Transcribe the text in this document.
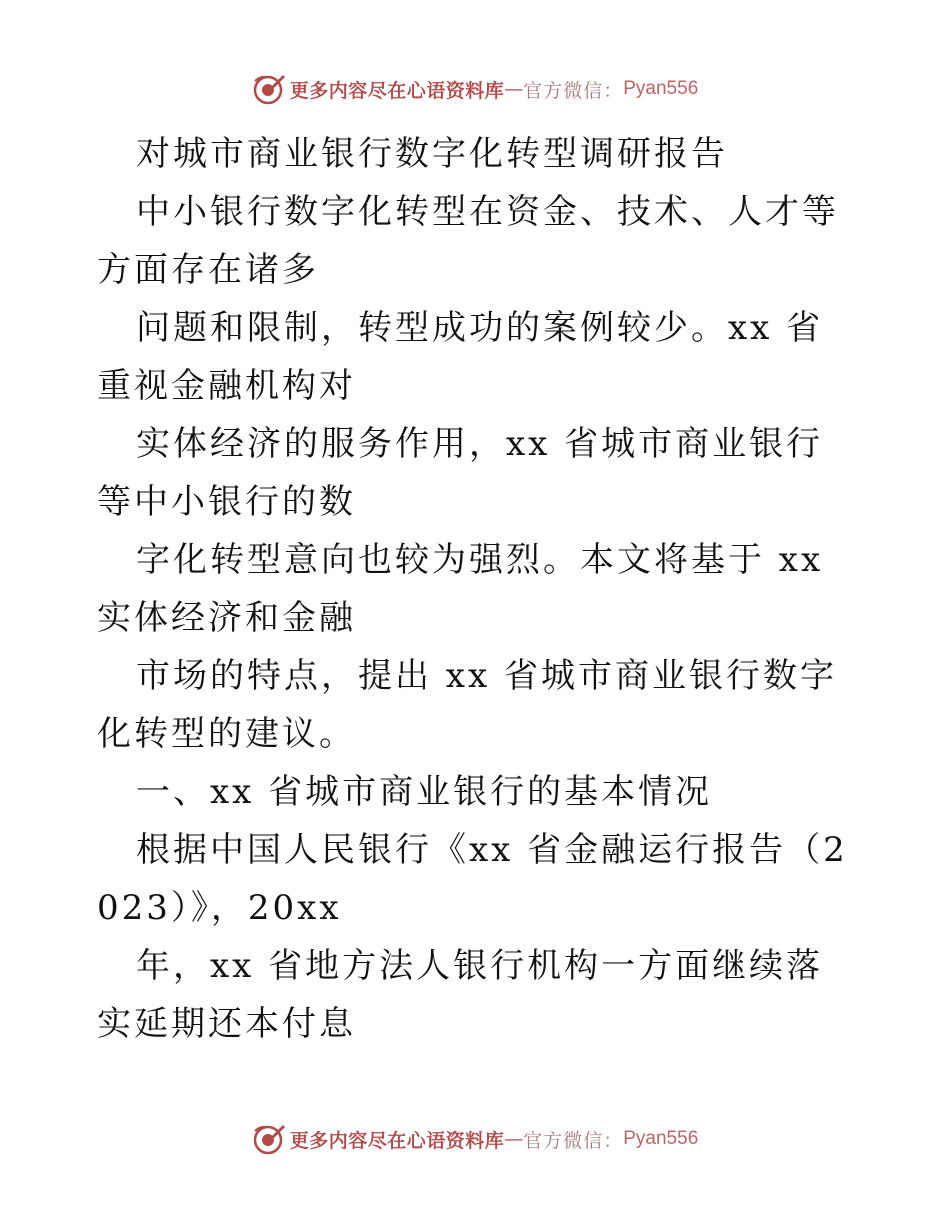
更多内容尽在心语资料库 — 官方微信： Pyan556

对城市商业银行数字化转型调研报告

中小银行数字化转型在资金、技术、人才等方面存在诸多

问题和限制，转型成功的案例较少。xx 省重视金融机构对

实体经济的服务作用，xx 省城市商业银行等中小银行的数

字化转型意向也较为强烈。本文将基于 xx 实体经济和金融

市场的特点，提出 xx 省城市商业银行数字化转型的建议。

一、xx 省城市商业银行的基本情况

根据中国人民银行《xx 省金融运行报告（2023）》，20xx

年，xx 省地方法人银行机构一方面继续落实延期还本付息

更多内容尽在心语资料库 — 官方微信： Pyan556
